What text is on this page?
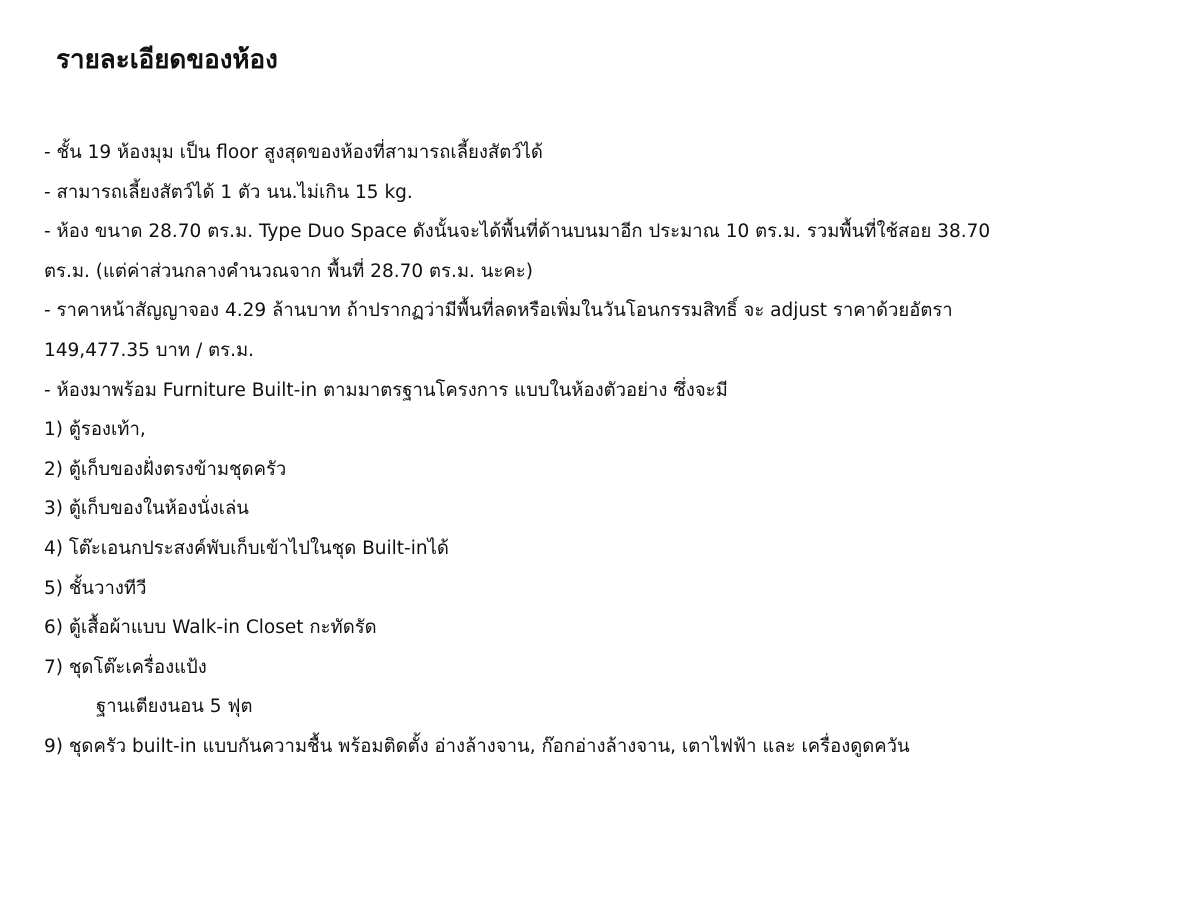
รายละเอียดของห้อง
- ชั้น 19 ห้องมุม เป็น floor สูงสุดของห้องที่สามารถเลี้ยงสัตว์ได้
- สามารถเลี้ยงสัตว์ได้ 1 ตัว นน.ไม่เกิน 15 kg.
- ห้อง ขนาด 28.70 ตร.ม. Type Duo Space ดังนั้นจะได้พื้นที่ด้านบนมาอีก ประมาณ 10 ตร.ม. รวมพื้นที่ใช้สอย 38.70
ตร.ม. (แต่ค่าส่วนกลางคำนวณจาก พื้นที่ 28.70 ตร.ม. นะคะ)
- ราคาหน้าสัญญาจอง 4.29 ล้านบาท ถ้าปรากฏว่ามีพื้นที่ลดหรือเพิ่มในวันโอนกรรมสิทธิ์ จะ adjust ราคาด้วยอัตรา
149,477.35 บาท / ตร.ม.
- ห้องมาพร้อม Furniture Built-in ตามมาตรฐานโครงการ แบบในห้องตัวอย่าง ซึ่งจะมี
1) ตู้รองเท้า,
2) ตู้เก็บของฝั่งตรงข้ามชุดครัว
3) ตู้เก็บของในห้องนั่งเล่น
4) โต๊ะเอนกประสงค์พับเก็บเข้าไปในชุด Built-inได้
5) ชั้นวางทีวี
6) ตู้เสื้อผ้าแบบ Walk-in Closet กะทัดรัด
7) ชุดโต๊ะเครื่องแป้ง
ฐานเตียงนอน 5 ฟุต
9) ชุดครัว built-in แบบกันความชื้น พร้อมติดตั้ง อ่างล้างจาน, ก๊อกอ่างล้างจาน, เตาไฟฟ้า และ เครื่องดูดควัน
